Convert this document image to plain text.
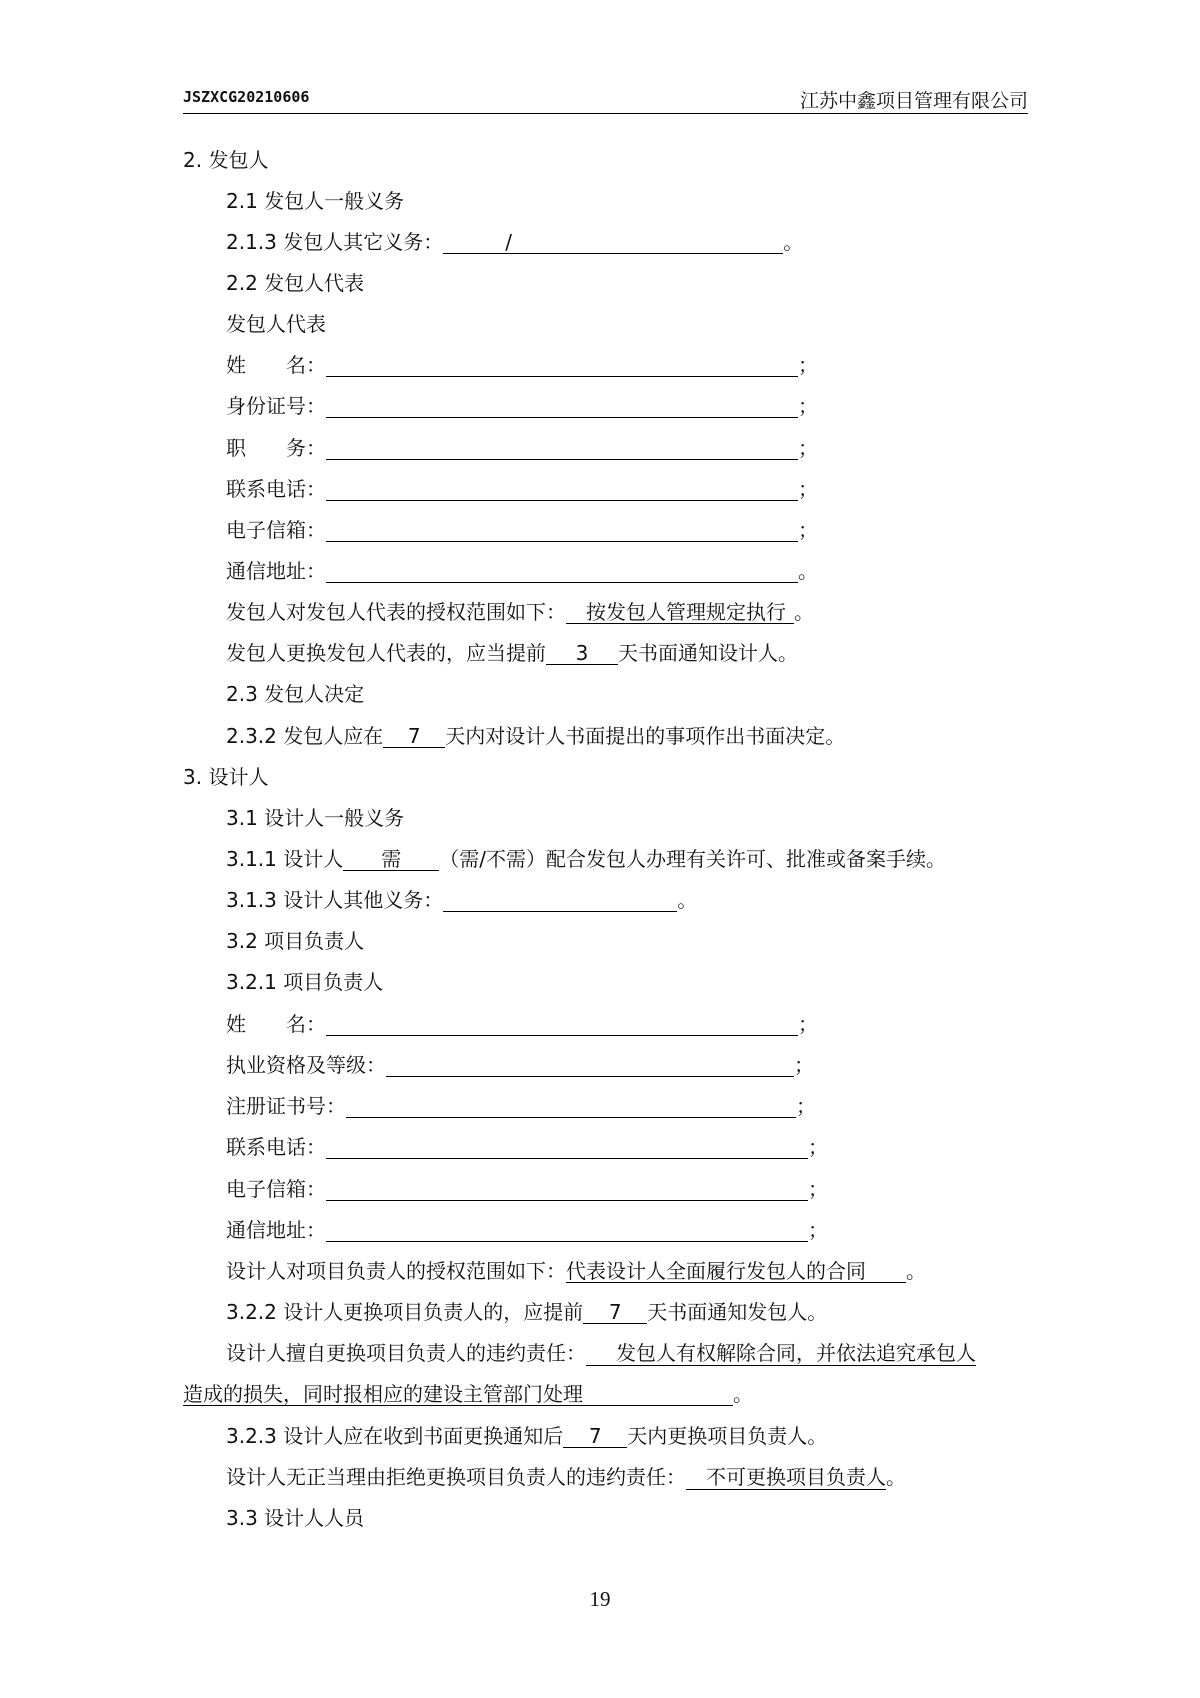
JSZXCG20210606	江苏中鑫项目管理有限公司
2. 发包人
2.1 发包人一般义务
2.1.3 发包人其它义务：	/	。
2.2 发包人代表
发包人代表
姓　　名：	；
身份证号：	；
职　　务：	；
联系电话：	；
电子信箱：	；
通信地址：	。
发包人对发包人代表的授权范围如下： 按发包人管理规定执行 。
发包人更换发包人代表的，应当提前 3 天书面通知设计人。
2.3 发包人决定
2.3.2 发包人应在 7 天内对设计人书面提出的事项作出书面决定。
3. 设计人
3.1 设计人一般义务
3.1.1 设计人 需 （需/不需）配合发包人办理有关许可、批准或备案手续。
3.1.3 设计人其他义务：	。
3.2 项目负责人
3.2.1 项目负责人
姓　　名：	；
执业资格及等级：	；
注册证书号：	；
联系电话：	；
电子信箱：	；
通信地址：	；
设计人对项目负责人的授权范围如下：代表设计人全面履行发包人的合同 。
3.2.2 设计人更换项目负责人的，应提前 7 天书面通知发包人。
设计人擅自更换项目负责人的违约责任： 发包人有权解除合同，并依法追究承包人
造成的损失，同时报相应的建设主管部门处理	。
3.2.3 设计人应在收到书面更换通知后 7 天内更换项目负责人。
设计人无正当理由拒绝更换项目负责人的违约责任： 不可更换项目负责人。
3.3 设计人人员
19
